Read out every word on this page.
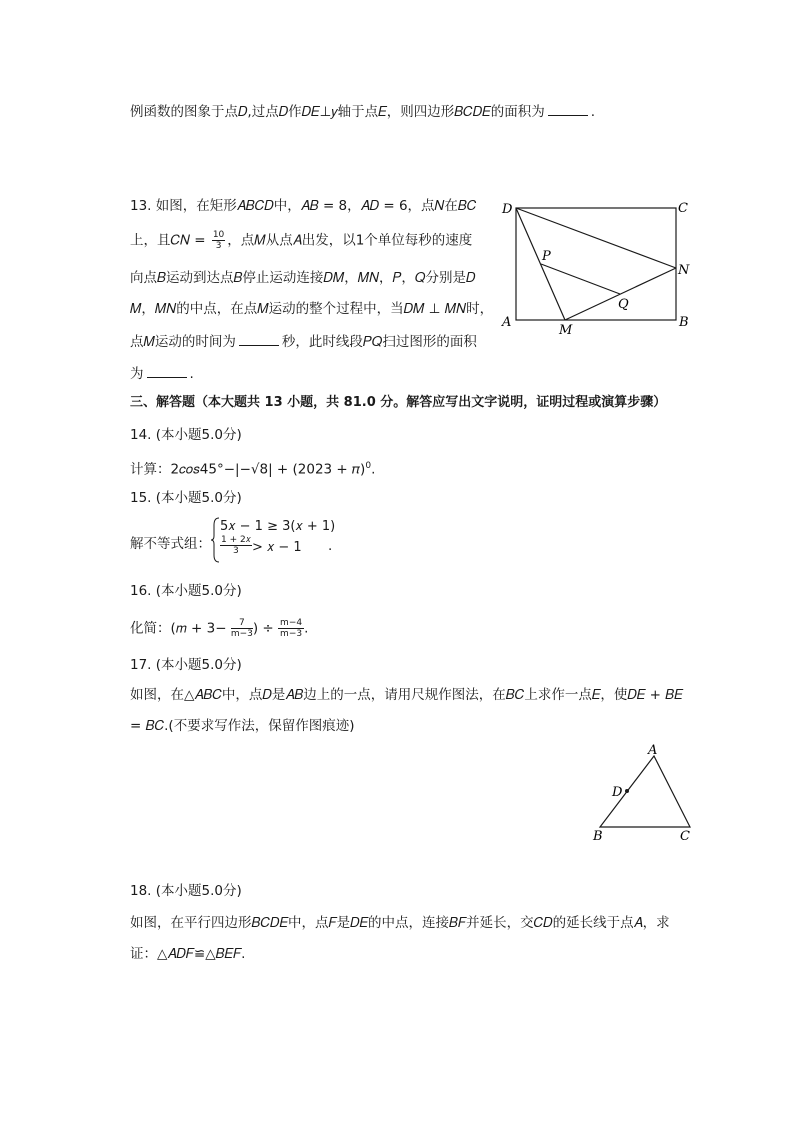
例函数的图象于点𝐷,过点𝐷作𝐷𝐸⊥𝑦轴于点𝐸，则四边形𝐵𝐶𝐷𝐸的面积为	.
13. 如图，在矩形𝐴𝐵𝐶𝐷中，𝐴𝐵 = 8，𝐴𝐷 = 6，点𝑁在𝐵𝐶
上，且𝐶𝑁 = $\frac{10}{3}$ ，点𝑀从点𝐴出发，以1个单位每秒的速度
向点𝐵运动到达点𝐵停止运动连接𝐷𝑀，𝑀𝑁，𝑃，𝑄分别是𝐷
𝑀，𝑀𝑁的中点，在点𝑀运动的整个过程中，当𝐷𝑀 ⊥ 𝑀𝑁时，
点𝑀运动的时间为	秒，此时线段𝑃𝑄扫过图形的面积
为	.
D	C
N
P
Q
A
M
B
三、解答题（本大题共 13 小题，共 81.0 分。解答应写出文字说明，证明过程或演算步骤）
14. (本小题5.0分)
计算：2𝑐𝑜𝑠45°−|−√8| + (2023 + 𝜋)$^0$.
15. (本小题5.0分)
解不等式组：
5𝑥 − 1 ≥ 3(𝑥 + 1)
1 + 2𝑥
3	> 𝑥 − 1 .
16. (本小题5.0分)
化简：(𝑚 + $3- \frac{7}{m-3}$ ) ÷ $\frac{m-4}{m-3}$ .
17. (本小题5.0分)
如图，在△𝐴𝐵𝐶中，点𝐷是𝐴𝐵边上的一点，请用尺规作图法，在𝐵𝐶上求作一点𝐸，使𝐷𝐸 + 𝐵𝐸
= 𝐵𝐶.(不要求写作法，保留作图痕迹)
A
D
B	C
18. (本小题5.0分)
如图，在平行四边形𝐵𝐶𝐷𝐸中，点𝐹是𝐷𝐸的中点，连接𝐵𝐹并延长，交𝐶𝐷的延长线于点𝐴，求
证：△𝐴𝐷𝐹≌△𝐵𝐸𝐹.
